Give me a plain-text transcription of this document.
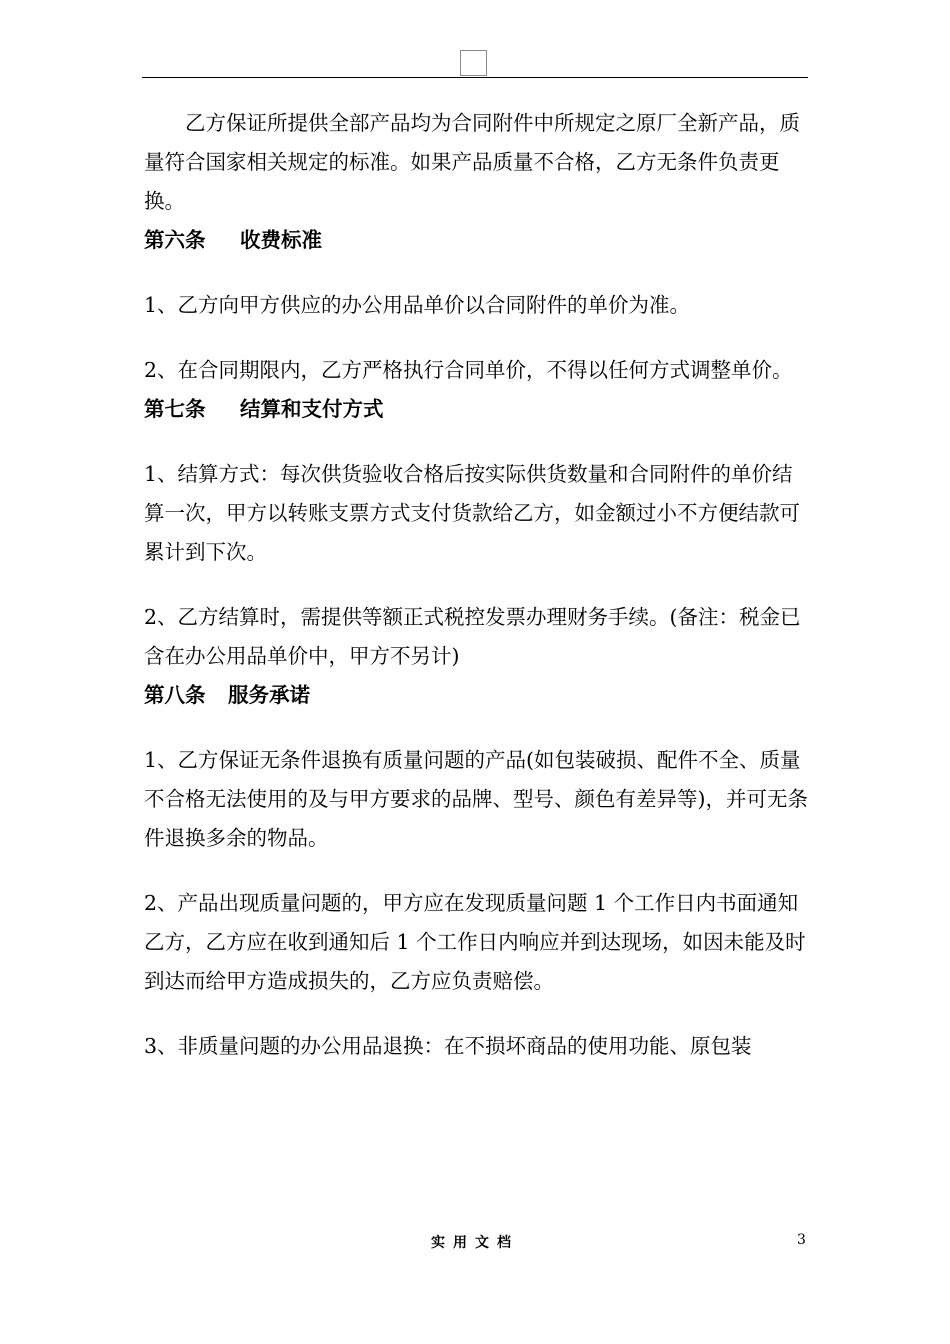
乙方保证所提供全部产品均为合同附件中所规定之原厂全新产品，质量符合国家相关规定的标准。如果产品质量不合格，乙方无条件负责更换。

第六条 收费标准

1、乙方向甲方供应的办公用品单价以合同附件的单价为准。

2、在合同期限内，乙方严格执行合同单价，不得以任何方式调整单价。

第七条 结算和支付方式

1、结算方式：每次供货验收合格后按实际供货数量和合同附件的单价结算一次，甲方以转账支票方式支付货款给乙方，如金额过小不方便结款可累计到下次。

2、乙方结算时，需提供等额正式税控发票办理财务手续。(备注：税金已含在办公用品单价中，甲方不另计)

第八条 服务承诺

1、乙方保证无条件退换有质量问题的产品(如包装破损、配件不全、质量不合格无法使用的及与甲方要求的品牌、型号、颜色有差异等)，并可无条件退换多余的物品。

2、产品出现质量问题的，甲方应在发现质量问题 1 个工作日内书面通知乙方，乙方应在收到通知后 1 个工作日内响应并到达现场，如因未能及时到达而给甲方造成损失的，乙方应负责赔偿。

3、非质量问题的办公用品退换：在不损坏商品的使用功能、原包装

实用文档	3
